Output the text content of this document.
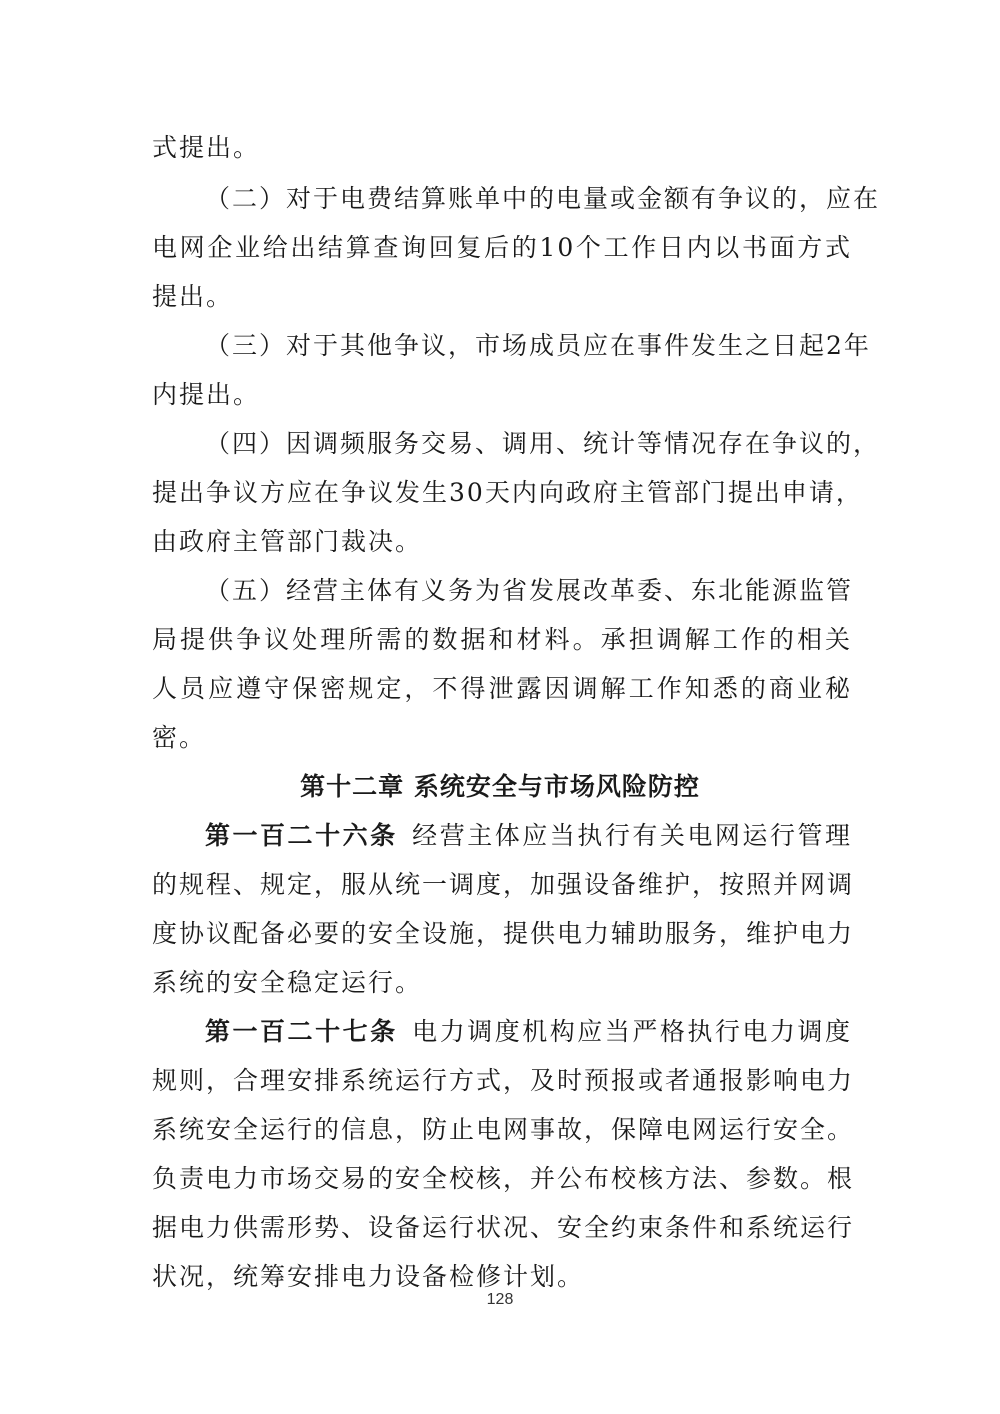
式提出。
（二）对于电费结算账单中的电量或金额有争议的，应在
电网企业给出结算查询回复后的10个工作日内以书面方式
提出。
（三）对于其他争议，市场成员应在事件发生之日起2年
内提出。
（四）因调频服务交易、调用、统计等情况存在争议的，
提出争议方应在争议发生30天内向政府主管部门提出申请，
由政府主管部门裁决。
（五）经营主体有义务为省发展改革委、东北能源监管
局提供争议处理所需的数据和材料。承担调解工作的相关
人员应遵守保密规定，不得泄露因调解工作知悉的商业秘
密。
第十二章 系统安全与市场风险防控
第一百二十六条 经营主体应当执行有关电网运行管理
的规程、规定，服从统一调度，加强设备维护，按照并网调
度协议配备必要的安全设施，提供电力辅助服务，维护电力
系统的安全稳定运行。
第一百二十七条 电力调度机构应当严格执行电力调度
规则，合理安排系统运行方式，及时预报或者通报影响电力
系统安全运行的信息，防止电网事故，保障电网运行安全。
负责电力市场交易的安全校核，并公布校核方法、参数。根
据电力供需形势、设备运行状况、安全约束条件和系统运行
状况，统筹安排电力设备检修计划。
128
